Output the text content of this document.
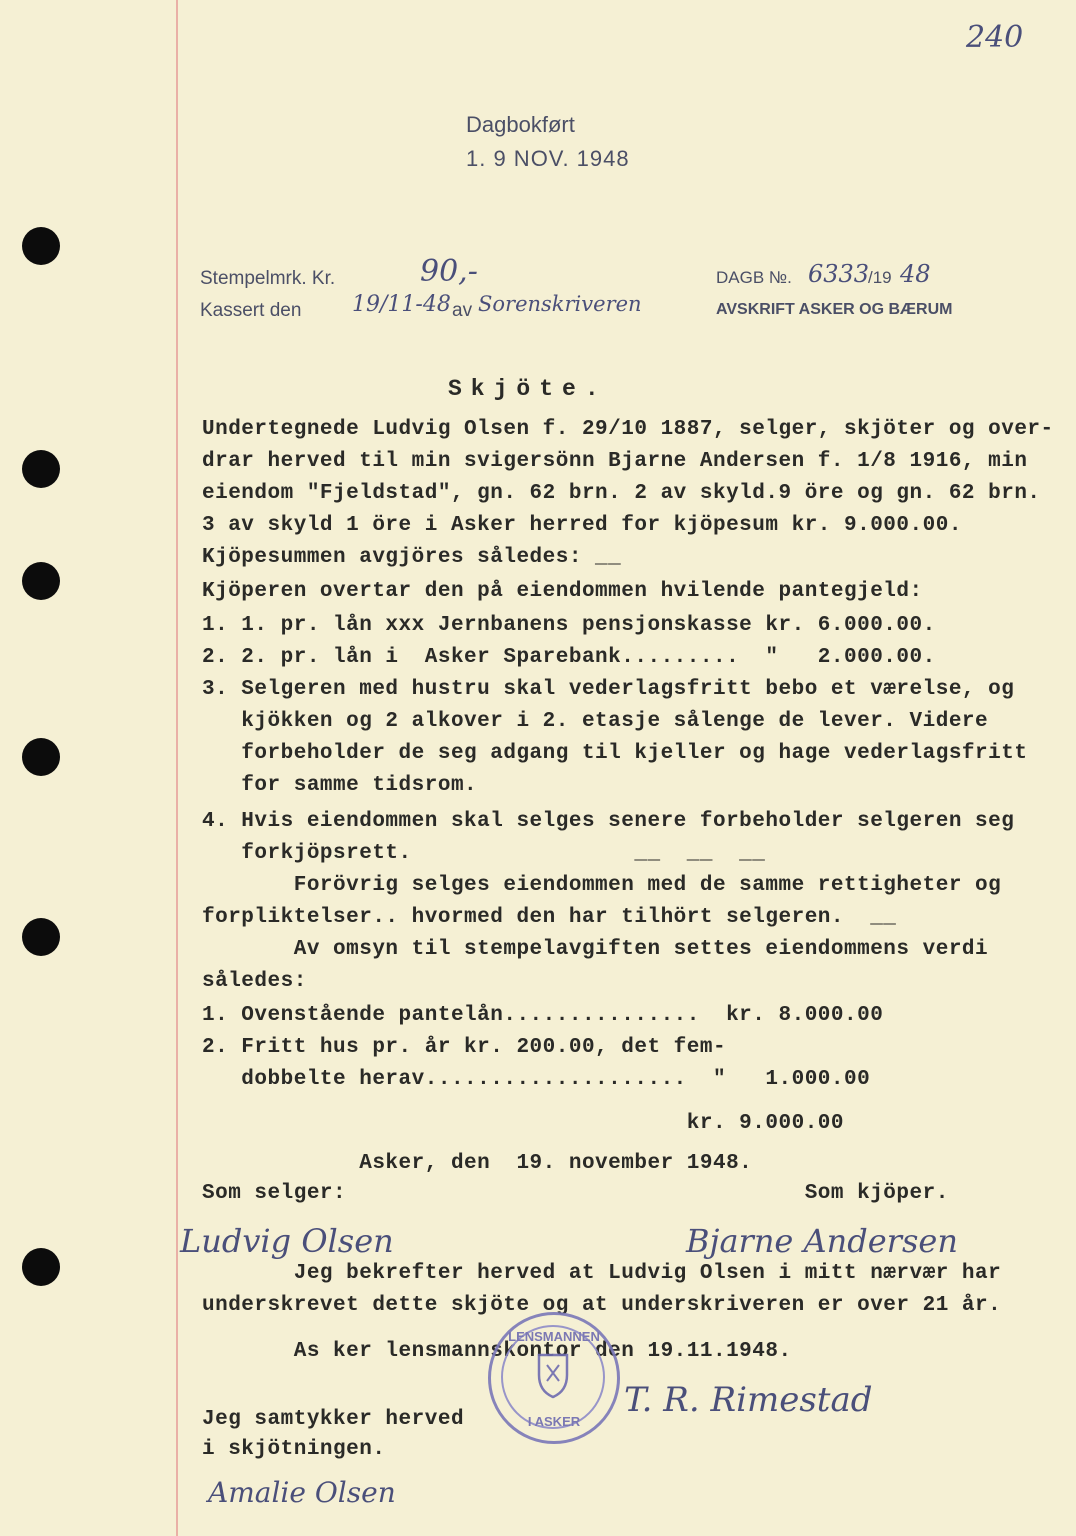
240
Dagbokført
1. 9 NOV. 1948
Stempelmrk. Kr.	90,-
Kassert den 19/11-48 av Sorenskriveren
DAGB №. 6333
/19 48
AVSKRIFT ASKER OG BÆRUM
Skjöte.
Undertegnede Ludvig Olsen f. 29/10 1887, selger, skjöter og over-
drar herved til min svigersönn Bjarne Andersen f. 1/8 1916, min
eiendom "Fjeldstad", gn. 62 brn. 2 av skyld.9 öre og gn. 62 brn.
3 av skyld 1 öre i Asker herred for kjöpesum kr. 9.000.00.
Kjöpesummen avgjöres således: __
Kjöperen overtar den på eiendommen hvilende pantegjeld:
1. 1. pr. lån xxx Jernbanens pensjonskasse kr. 6.000.00.
2. 2. pr. lån i  Asker Sparebank.........  "   2.000.00.
3. Selgeren med hustru skal vederlagsfritt bebo et værelse, og
kjökken og 2 alkover i 2. etasje sålenge de lever. Videre
forbeholder de seg adgang til kjeller og hage vederlagsfritt
for samme tidsrom.
4. Hvis eiendommen skal selges senere forbeholder selgeren seg
forkjöpsrett.                 __  __  __
Forövrig selges eiendommen med de samme rettigheter og
forpliktelser.. hvormed den har tilhört selgeren.  __
Av omsyn til stempelavgiften settes eiendommens verdi
således:
1. Ovenstående pantelån...............  kr. 8.000.00
2. Fritt hus pr. år kr. 200.00, det fem-
dobbelte herav....................  "   1.000.00
kr. 9.000.00
Asker, den  19. november 1948.
Som selger:                                   Som kjöper.
Ludvig Olsen	Bjarne Andersen
Jeg bekrefter herved at Ludvig Olsen i mitt nærvær har
underskrevet dette skjöte og at underskriveren er over 21 år.
As ker lensmannskontor den 19.11.1948.
LENSMANNEN
I ASKER
T. R. Rimestad
Jeg samtykker herved
i skjötningen.
Amalie Olsen
